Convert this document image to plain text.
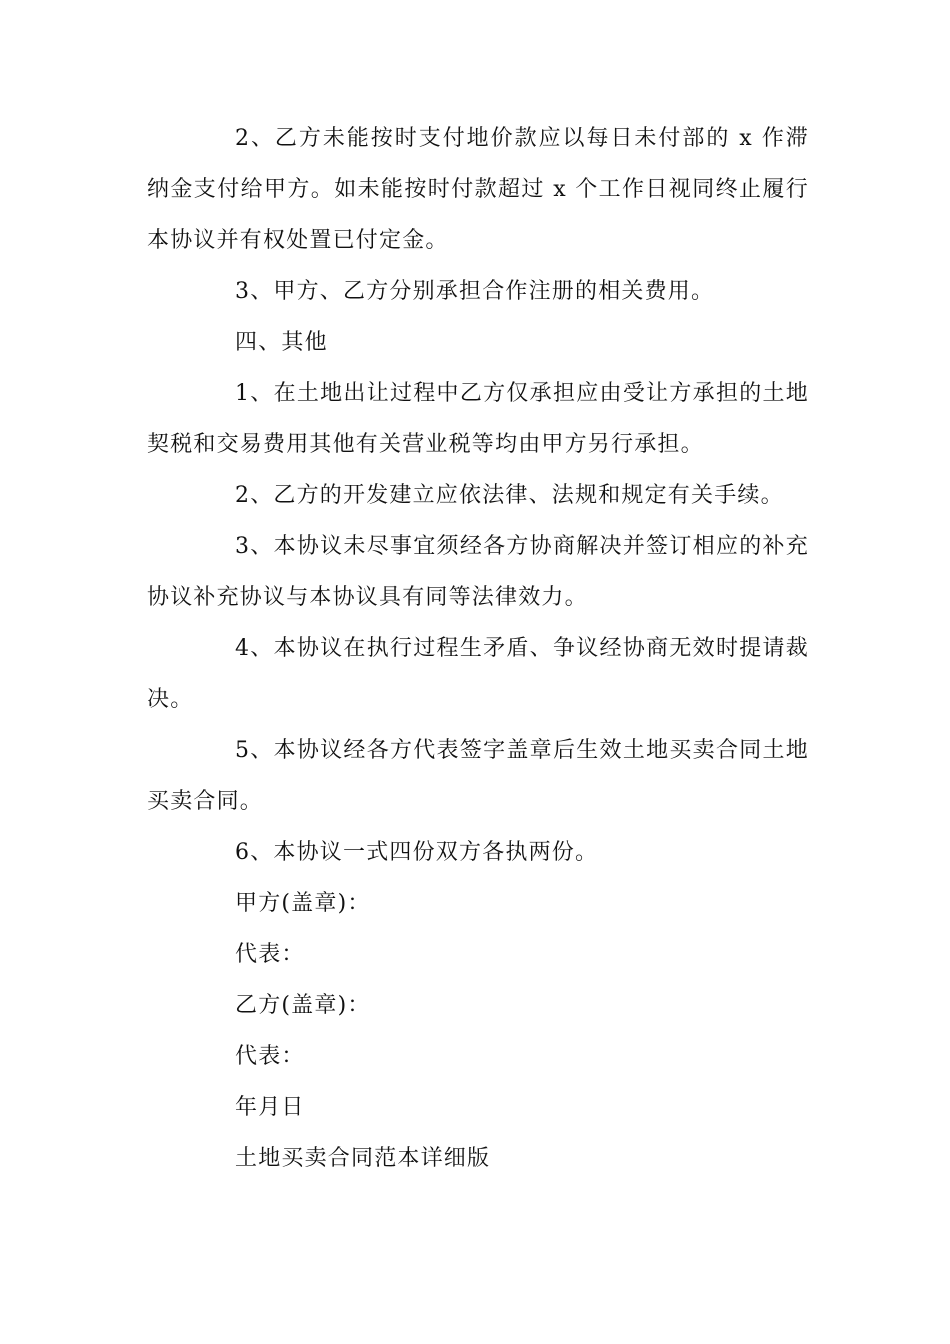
2、乙方未能按时支付地价款应以每日未付部的 x 作滞纳金支付给甲方。如未能按时付款超过 x 个工作日视同终止履行本协议并有权处置已付定金。

3、甲方、乙方分别承担合作注册的相关费用。

四、其他

1、在土地出让过程中乙方仅承担应由受让方承担的土地契税和交易费用其他有关营业税等均由甲方另行承担。

2、乙方的开发建立应依法律、法规和规定有关手续。

3、本协议未尽事宜须经各方协商解决并签订相应的补充协议补充协议与本协议具有同等法律效力。

4、本协议在执行过程生矛盾、争议经协商无效时提请裁决。

5、本协议经各方代表签字盖章后生效土地买卖合同土地买卖合同。

6、本协议一式四份双方各执两份。

甲方(盖章)：

代表：

乙方(盖章)：

代表：

年月日

土地买卖合同范本详细版
